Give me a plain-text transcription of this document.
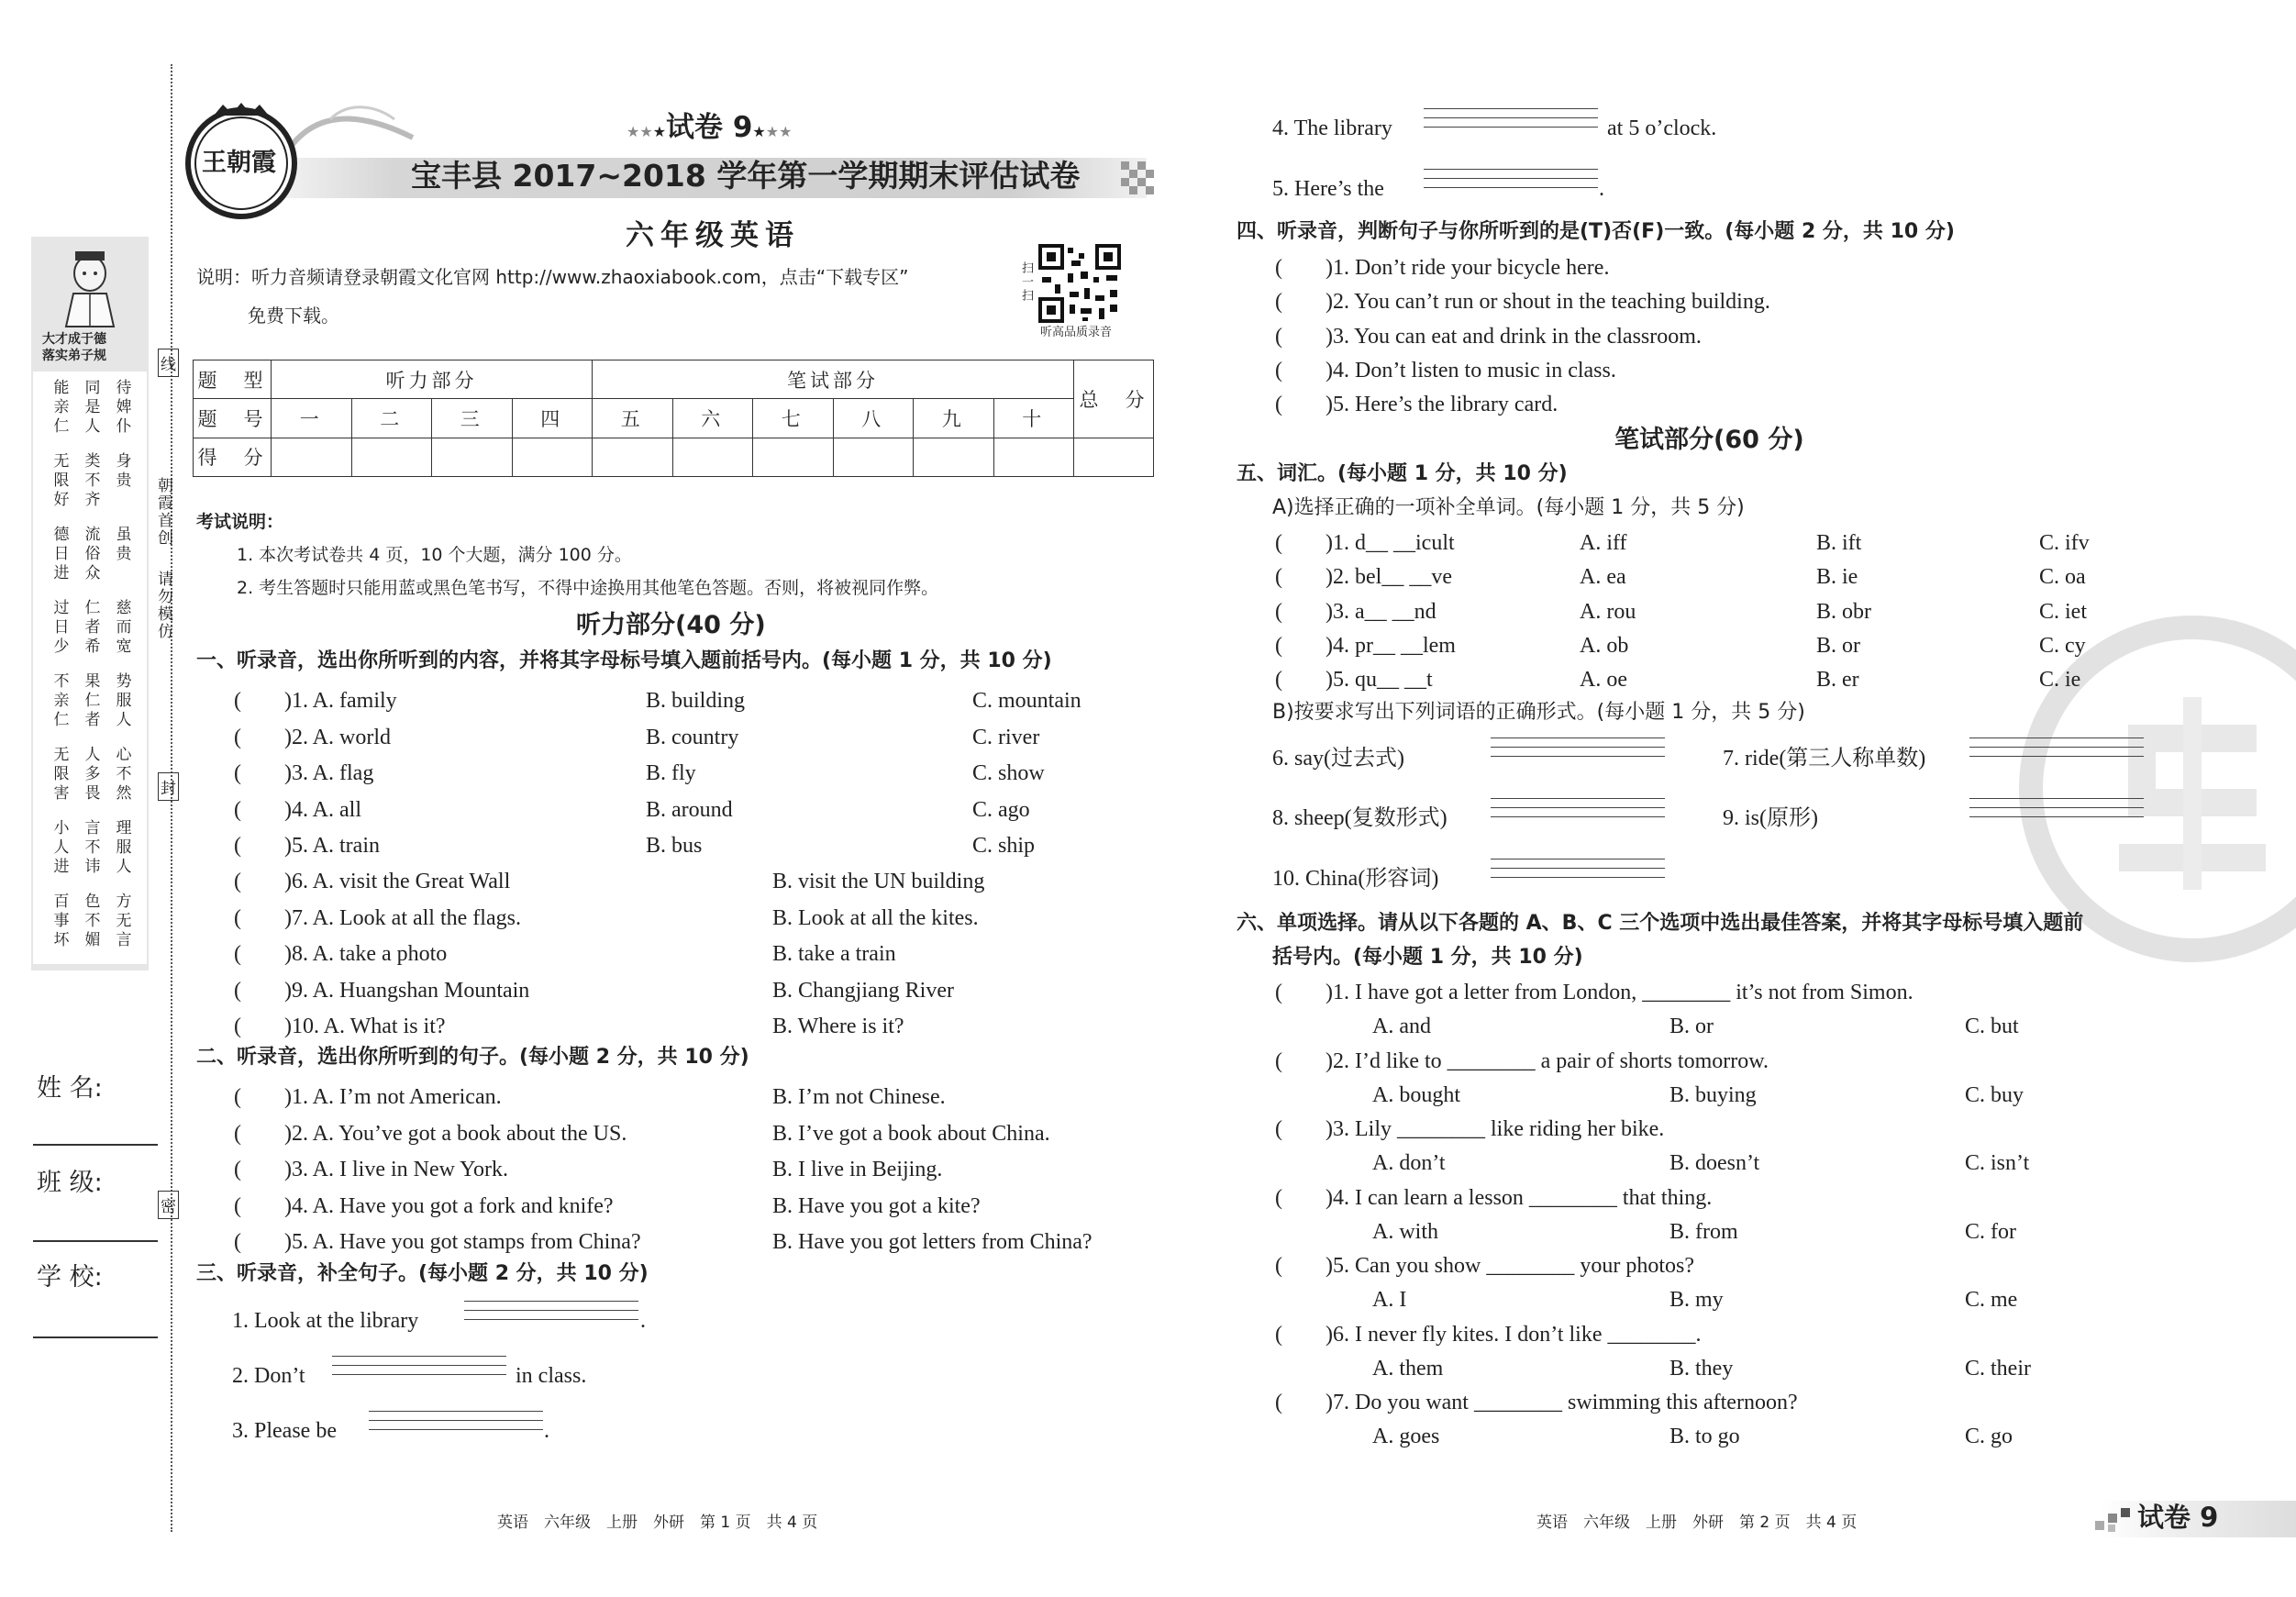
大才成于德
落实弟子规
能亲仁 同是人 待婢仆
无限好 类不齐 身贵
德日进 流俗众 虽贵
过日少 仁者希 慈而宽
不亲仁 果仁者 势服人
无限害 人多畏 心不然
小人进 言不讳 理服人
百事坏 色不媚 方无言
线
封
密
朝霞首创
请勿模仿
姓 名:
班 级:
学 校:
王朝霞
★★★试卷 9★★★
宝丰县 2017~2018 学年第一学期期末评估试卷
六年级英语
说明：听力音频请登录朝霞文化官网 http://www.zhaoxiabook.com，点击“下载专区”
免费下载。
扫一扫
听高品质录音
题　型	听力部分				笔试部分						总　分
题　号	一	二	三	四	五	六	七	八	九	十	
得　分											
考试说明：
1. 本次考试卷共 4 页，10 个大题，满分 100 分。
2. 考生答题时只能用蓝或黑色笔书写，不得中途换用其他笔色答题。否则，将被视同作弊。
听力部分(40 分)
一、听录音，选出你所听到的内容，并将其字母标号填入题前括号内。(每小题 1 分，共 10 分)
二、听录音，选出你所听到的句子。(每小题 2 分，共 10 分)
三、听录音，补全句子。(每小题 2 分，共 10 分)
1. Look at the library	.
2. Don’t	in class.
3. Please be	.
4. The library	at 5 o’clock.
5. Here’s the	.
四、听录音，判断句子与你所听到的是(T)否(F)一致。(每小题 2 分，共 10 分)
笔试部分(60 分)
五、词汇。(每小题 1 分，共 10 分)
A)选择正确的一项补全单词。(每小题 1 分，共 5 分)
B)按要求写出下列词语的正确形式。(每小题 1 分，共 5 分)
6. say(过去式)	7. ride(第三人称单数)
8. sheep(复数形式)	9. is(原形)
10. China(形容词)
六、单项选择。请从以下各题的 A、B、C 三个选项中选出最佳答案，并将其字母标号填入题前
括号内。(每小题 1 分，共 10 分)
英语　六年级　上册　外研　第 1 页　共 4 页	英语　六年级　上册　外研　第 2 页　共 4 页	试卷 9
( )1. A. family	B. building	C. mountain
( )2. A. world	B. country	C. river
( )3. A. flag	B. fly	C. show
( )4. A. all	B. around	C. ago
( )5. A. train	B. bus	C. ship
( )6. A. visit the Great Wall	B. visit the UN building
( )7. A. Look at all the flags.	B. Look at all the kites.
( )8. A. take a photo	B. take a train
( )9. A. Huangshan Mountain	B. Changjiang River
( )10. A. What is it?	B. Where is it?
( )1. A. I’m not American.	B. I’m not Chinese.
( )2. A. You’ve got a book about the US.	B. I’ve got a book about China.
( )3. A. I live in New York.	B. I live in Beijing.
( )4. A. Have you got a fork and knife?	B. Have you got a kite?
( )5. A. Have you got stamps from China?	B. Have you got letters from China?
( )1. Don’t ride your bicycle here.
( )2. You can’t run or shout in the teaching building.
( )3. You can eat and drink in the classroom.
( )4. Don’t listen to music in class.
( )5. Here’s the library card.
( )1. d__ __icult	A. iff	B. ift	C. ifv
( )2. bel__ __ve	A. ea	B. ie	C. oa
( )3. a__ __nd	A. rou	B. obr	C. iet
( )4. pr__ __lem	A. ob	B. or	C. cy
( )5. qu__ __t	A. oe	B. er	C. ie
( )1. I have got a letter from London, ________ it’s not from Simon.
A. and	B. or	C. but
( )2. I’d like to ________ a pair of shorts tomorrow.
A. bought	B. buying	C. buy
( )3. Lily ________ like riding her bike.
A. don’t	B. doesn’t	C. isn’t
( )4. I can learn a lesson ________ that thing.
A. with	B. from	C. for
( )5. Can you show ________ your photos?
A. I	B. my	C. me
( )6. I never fly kites. I don’t like ________.
A. them	B. they	C. their
( )7. Do you want ________ swimming this afternoon?
A. goes	B. to go	C. go
